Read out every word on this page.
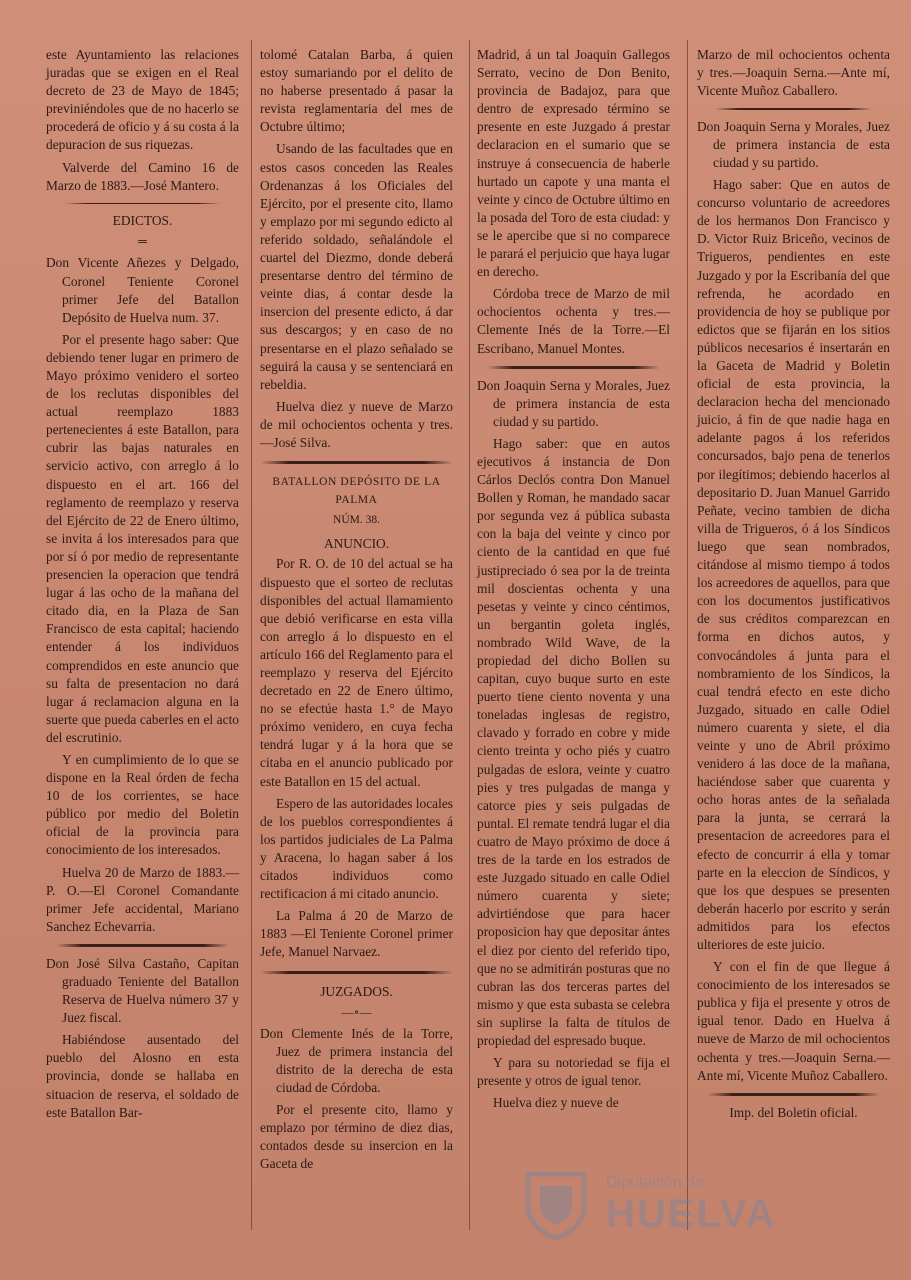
este Ayuntamiento las relaciones juradas que se exigen en el Real decreto de 23 de Mayo de 1845; previniéndoles que de no hacerlo se procederá de oficio y á su costa á la depuracion de sus riquezas.

Valverde del Camino 16 de Marzo de 1883.—José Mantero.

EDICTOS.
═

Don Vicente Añezes y Delgado, Coronel Teniente Coronel primer Jefe del Batallon Depósito de Huelva num. 37.

Por el presente hago saber: Que debiendo tener lugar en primero de Mayo próximo venidero el sorteo de los reclutas disponibles del actual reemplazo 1883 pertenecientes á este Batallon, para cubrir las bajas naturales en servicio activo, con arreglo á lo dispuesto en el art. 166 del reglamento de reemplazo y reserva del Ejército de 22 de Enero último, se invita á los interesados para que por sí ó por medio de representante presencien la operacion que tendrá lugar á las ocho de la mañana del citado dia, en la Plaza de San Francisco de esta capital; haciendo entender á los individuos comprendidos en este anuncio que su falta de presentacion no dará lugar á reclamacion alguna en la suerte que pueda caberles en el acto del escrutinio.

Y en cumplimiento de lo que se dispone en la Real órden de fecha 10 de los corrientes, se hace público por medio del Boletin oficial de la provincia para conocimiento de los interesados.

Huelva 20 de Marzo de 1883.—P. O.—El Coronel Comandante primer Jefe accidental, Mariano Sanchez Echevarria.

Don José Silva Castaño, Capitan graduado Teniente del Batallon Reserva de Huelva número 37 y Juez fiscal.

Habiéndose ausentado del pueblo del Alosno en esta provincia, donde se hallaba en situacion de reserva, el soldado de este Batallon Bar-

tolomé Catalan Barba, á quien estoy sumariando por el delito de no haberse presentado á pasar la revista reglamentaria del mes de Octubre último;

Usando de las facultades que en estos casos conceden las Reales Ordenanzas á los Oficiales del Ejército, por el presente cito, llamo y emplazo por mi segundo edicto al referido soldado, señalándole el cuartel del Diezmo, donde deberá presentarse dentro del término de veinte dias, á contar desde la insercion del presente edicto, á dar sus descargos; y en caso de no presentarse en el plazo señalado se seguirá la causa y se sentenciará en rebeldia.

Huelva diez y nueve de Marzo de mil ochocientos ochenta y tres.—José Silva.

BATALLON DEPÓSITO DE LA PALMA
NÚM. 38.
ANUNCIO.

Por R. O. de 10 del actual se ha dispuesto que el sorteo de reclutas disponibles del actual llamamiento que debió verificarse en esta villa con arreglo á lo dispuesto en el artículo 166 del Reglamento para el reemplazo y reserva del Ejército decretado en 22 de Enero último, no se efectúe hasta 1.° de Mayo próximo venidero, en cuya fecha tendrá lugar y á la hora que se citaba en el anuncio publicado por este Batallon en 15 del actual.

Espero de las autoridades locales de los pueblos correspondientes á los partidos judiciales de La Palma y Aracena, lo hagan saber á los citados individuos como rectificacion á mi citado anuncio.

La Palma á 20 de Marzo de 1883 —El Teniente Coronel primer Jefe, Manuel Narvaez.

JUZGADOS.
—∘—

Don Clemente Inés de la Torre, Juez de primera instancia del distrito de la derecha de esta ciudad de Córdoba.

Por el presente cito, llamo y emplazo por término de diez dias, contados desde su insercion en la Gaceta de

Madrid, á un tal Joaquin Gallegos Serrato, vecino de Don Benito, provincia de Badajoz, para que dentro de expresado término se presente en este Juzgado á prestar declaracion en el sumario que se instruye á consecuencia de haberle hurtado un capote y una manta el veinte y cinco de Octubre último en la posada del Toro de esta ciudad: y se le apercibe que si no comparece le parará el perjuicio que haya lugar en derecho.

Córdoba trece de Marzo de mil ochocientos ochenta y tres.—Clemente Inés de la Torre.—El Escribano, Manuel Montes.

Don Joaquin Serna y Morales, Juez de primera instancia de esta ciudad y su partido.

Hago saber: que en autos ejecutivos á instancia de Don Cárlos Declós contra Don Manuel Bollen y Roman, he mandado sacar por segunda vez á pública subasta con la baja del veinte y cinco por ciento de la cantidad en que fué justipreciado ó sea por la de treinta mil doscientas ochenta y una pesetas y veinte y cinco céntimos, un bergantin goleta inglés, nombrado Wild Wave, de la propiedad del dicho Bollen su capitan, cuyo buque surto en este puerto tiene ciento noventa y una toneladas inglesas de registro, clavado y forrado en cobre y mide ciento treinta y ocho piés y cuatro pulgadas de eslora, veinte y cuatro pies y tres pulgadas de manga y catorce pies y seis pulgadas de puntal. El remate tendrá lugar el dia cuatro de Mayo próximo de doce á tres de la tarde en los estrados de este Juzgado situado en calle Odiel número cuarenta y siete; advirtiéndose que para hacer proposicion hay que depositar ántes el diez por ciento del referido tipo, que no se admitirán posturas que no cubran las dos terceras partes del mismo y que esta subasta se celebra sin suplirse la falta de títulos de propiedad del espresado buque.

Y para su notoriedad se fija el presente y otros de igual tenor.

Huelva diez y nueve de

Marzo de mil ochocientos ochenta y tres.—Joaquin Serna.—Ante mí, Vicente Muñoz Caballero.

Don Joaquin Serna y Morales, Juez de primera instancia de esta ciudad y su partido.

Hago saber: Que en autos de concurso voluntario de acreedores de los hermanos Don Francisco y D. Victor Ruiz Briceño, vecinos de Trigueros, pendientes en este Juzgado y por la Escribanía del que refrenda, he acordado en providencia de hoy se publique por edictos que se fijarán en los sitios públicos necesarios é insertarán en la Gaceta de Madrid y Boletin oficial de esta provincia, la declaracion hecha del mencionado juicio, á fin de que nadie haga en adelante pagos á los referidos concursados, bajo pena de tenerlos por ilegítimos; debiendo hacerlos al depositario D. Juan Manuel Garrido Peñate, vecino tambien de dicha villa de Trigueros, ó á los Síndicos luego que sean nombrados, citándose al mismo tiempo á todos los acreedores de aquellos, para que con los documentos justificativos de sus créditos comparezcan en forma en dichos autos, y convocándoles á junta para el nombramiento de los Síndicos, la cual tendrá efecto en este dicho Juzgado, situado en calle Odiel número cuarenta y siete, el dia veinte y uno de Abril próximo venidero á las doce de la mañana, haciéndose saber que cuarenta y ocho horas antes de la señalada para la junta, se cerrará la presentacion de acreedores para el efecto de concurrir á ella y tomar parte en la eleccion de Síndicos, y que los que despues se presenten deberán hacerlo por escrito y serán admitidos para los efectos ulteriores de este juicio.

Y con el fin de que llegue á conocimiento de los interesados se publica y fija el presente y otros de igual tenor. Dado en Huelva á nueve de Marzo de mil ochocientos ochenta y tres.—Joaquin Serna.—Ante mí, Vicente Muñoz Caballero.

Imp. del Boletin oficial.
Diputación de
HUELVA
